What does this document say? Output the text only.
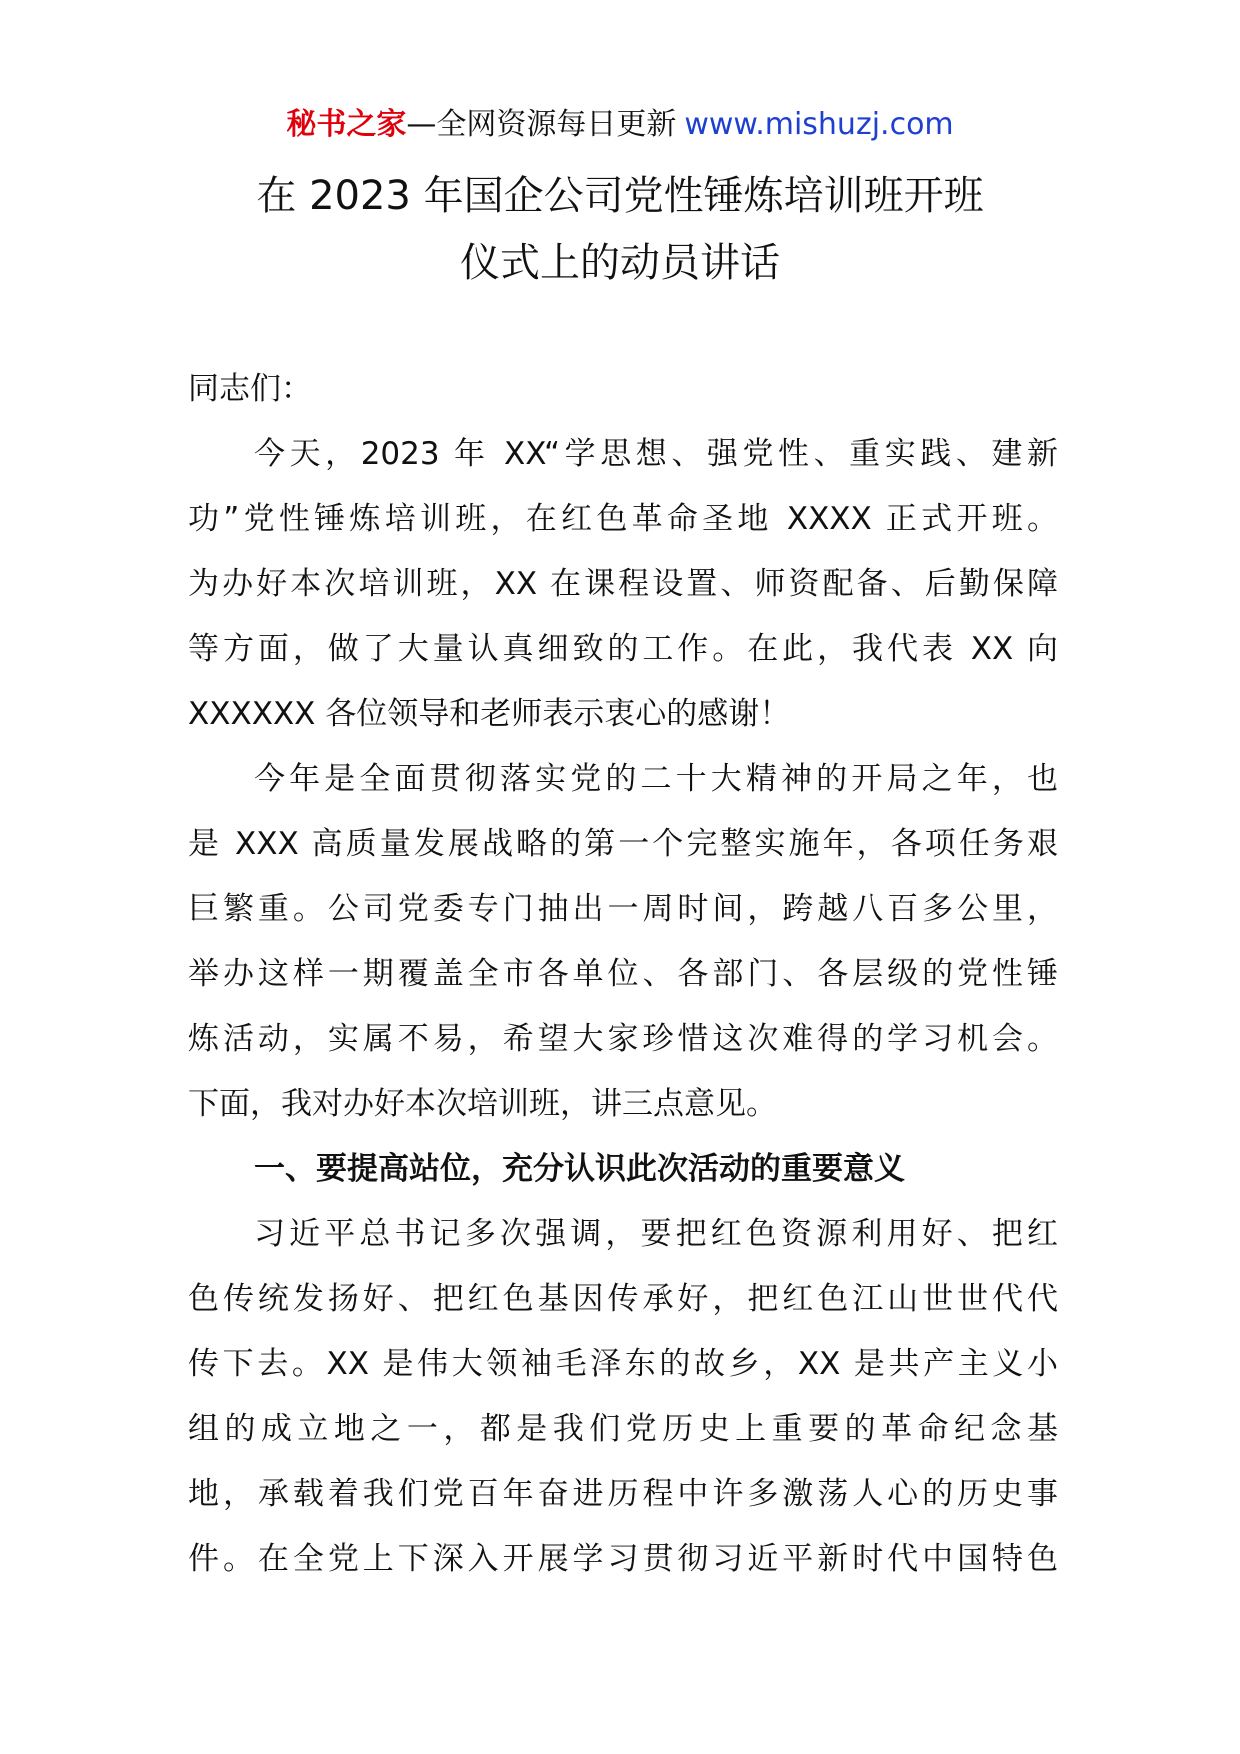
秘书之家—全网资源每日更新 www.mishuzj.com
在 2023 年国企公司党性锤炼培训班开班
仪式上的动员讲话
同志们：
今天，2023 年 XX“学思想、强党性、重实践、建新
功”党性锤炼培训班，在红色革命圣地 XXXX 正式开班。
为办好本次培训班，XX 在课程设置、师资配备、后勤保障
等方面，做了大量认真细致的工作。在此，我代表 XX 向
XXXXXX 各位领导和老师表示衷心的感谢！
今年是全面贯彻落实党的二十大精神的开局之年，也
是 XXX 高质量发展战略的第一个完整实施年，各项任务艰
巨繁重。公司党委专门抽出一周时间，跨越八百多公里，
举办这样一期覆盖全市各单位、各部门、各层级的党性锤
炼活动，实属不易，希望大家珍惜这次难得的学习机会。
下面，我对办好本次培训班，讲三点意见。
一、要提高站位，充分认识此次活动的重要意义
习近平总书记多次强调，要把红色资源利用好、把红
色传统发扬好、把红色基因传承好，把红色江山世世代代
传下去。XX 是伟大领袖毛泽东的故乡，XX 是共产主义小
组的成立地之一，都是我们党历史上重要的革命纪念基
地，承载着我们党百年奋进历程中许多激荡人心的历史事
件。在全党上下深入开展学习贯彻习近平新时代中国特色
